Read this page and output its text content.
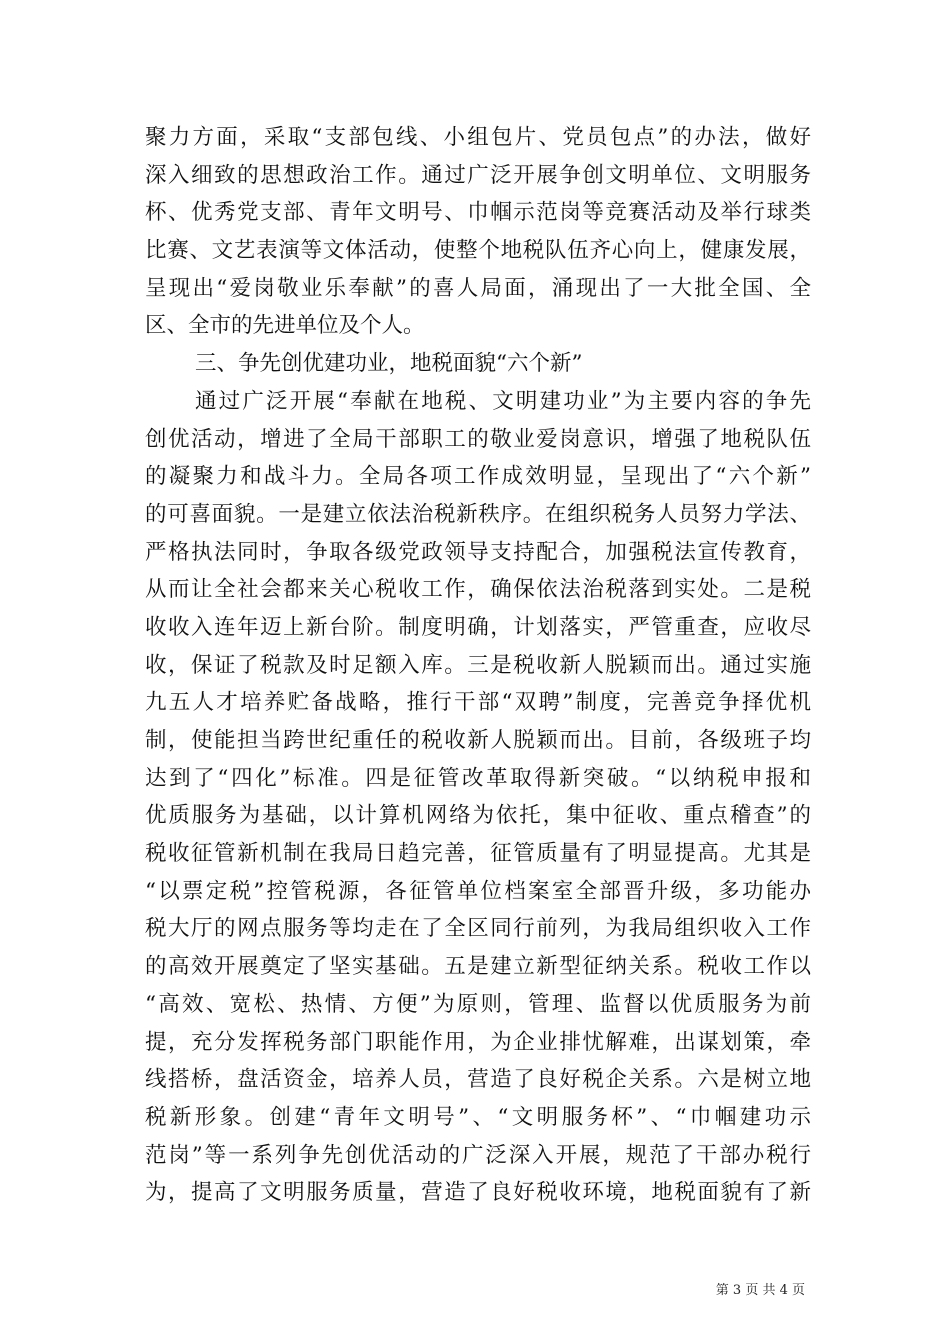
聚力方面，采取“支部包线、小组包片、党员包点”的办法，做好
深入细致的思想政治工作。通过广泛开展争创文明单位、文明服务
杯、优秀党支部、青年文明号、巾帼示范岗等竞赛活动及举行球类
比赛、文艺表演等文体活动，使整个地税队伍齐心向上，健康发展，
呈现出“爱岗敬业乐奉献”的喜人局面，涌现出了一大批全国、全
区、全市的先进单位及个人。
三、争先创优建功业，地税面貌“六个新”
通过广泛开展“奉献在地税、文明建功业”为主要内容的争先
创优活动，增进了全局干部职工的敬业爱岗意识，增强了地税队伍
的凝聚力和战斗力。全局各项工作成效明显，呈现出了“六个新”
的可喜面貌。一是建立依法治税新秩序。在组织税务人员努力学法、
严格执法同时，争取各级党政领导支持配合，加强税法宣传教育，
从而让全社会都来关心税收工作，确保依法治税落到实处。二是税
收收入连年迈上新台阶。制度明确，计划落实，严管重查，应收尽
收，保证了税款及时足额入库。三是税收新人脱颖而出。通过实施
九五人才培养贮备战略，推行干部“双聘”制度，完善竞争择优机
制，使能担当跨世纪重任的税收新人脱颖而出。目前，各级班子均
达到了“四化”标准。四是征管改革取得新突破。“以纳税申报和
优质服务为基础，以计算机网络为依托，集中征收、重点稽查”的
税收征管新机制在我局日趋完善，征管质量有了明显提高。尤其是
“以票定税”控管税源，各征管单位档案室全部晋升级，多功能办
税大厅的网点服务等均走在了全区同行前列，为我局组织收入工作
的高效开展奠定了坚实基础。五是建立新型征纳关系。税收工作以
“高效、宽松、热情、方便”为原则，管理、监督以优质服务为前
提，充分发挥税务部门职能作用，为企业排忧解难，出谋划策，牵
线搭桥，盘活资金，培养人员，营造了良好税企关系。六是树立地
税新形象。创建“青年文明号”、“文明服务杯”、“巾帼建功示
范岗”等一系列争先创优活动的广泛深入开展，规范了干部办税行
为，提高了文明服务质量，营造了良好税收环境，地税面貌有了新
第 3 页 共 4 页
